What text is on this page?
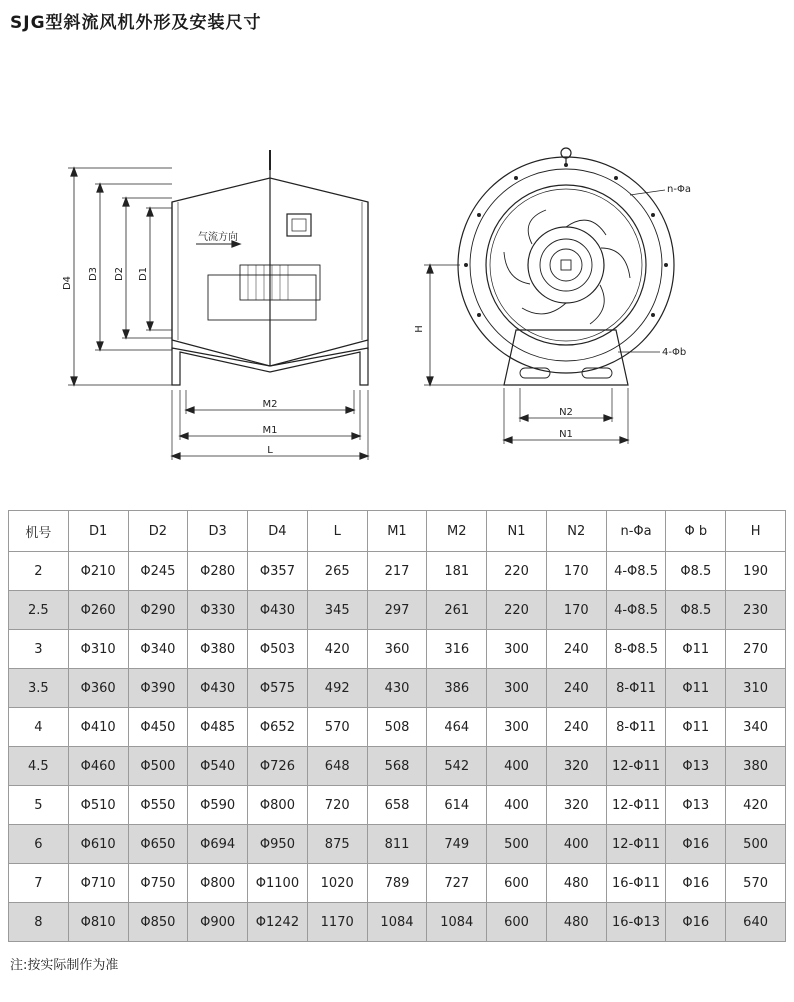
SJG型斜流风机外形及安装尺寸
D4
D3 D2 D1
M2
M1
L
气流方向
n-Φa
H
4-Φb
N2
N1
机号	D1	D2	D3	D4	L	M1	M2	N1	N2	n-Φa	Φ b	H
2	Φ210	Φ245	Φ280	Φ357	265	217	181	220	170	4-Φ8.5	Φ8.5	190
2.5	Φ260	Φ290	Φ330	Φ430	345	297	261	220	170	4-Φ8.5	Φ8.5	230
3	Φ310	Φ340	Φ380	Φ503	420	360	316	300	240	8-Φ8.5	Φ11	270
3.5	Φ360	Φ390	Φ430	Φ575	492	430	386	300	240	8-Φ11	Φ11	310
4	Φ410	Φ450	Φ485	Φ652	570	508	464	300	240	8-Φ11	Φ11	340
4.5	Φ460	Φ500	Φ540	Φ726	648	568	542	400	320	12-Φ11	Φ13	380
5	Φ510	Φ550	Φ590	Φ800	720	658	614	400	320	12-Φ11	Φ13	420
6	Φ610	Φ650	Φ694	Φ950	875	811	749	500	400	12-Φ11	Φ16	500
7	Φ710	Φ750	Φ800	Φ1100	1020	789	727	600	480	16-Φ11	Φ16	570
8	Φ810	Φ850	Φ900	Φ1242	1170	1084	1084	600	480	16-Φ13	Φ16	640
注:按实际制作为准
